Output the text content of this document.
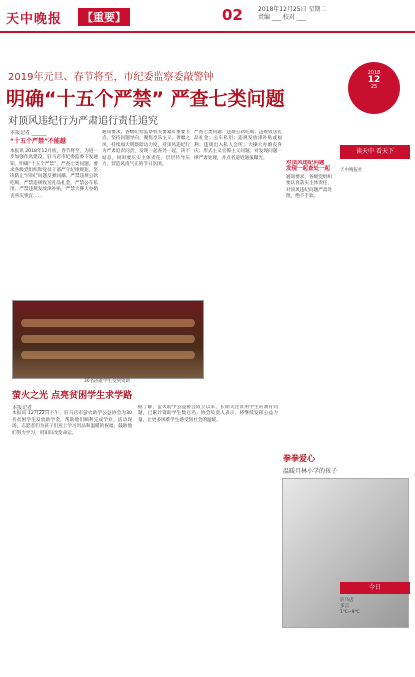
天中晚报	【重要】	02	2018年12月25日 星期二
责编 ___ 校对 ___
2019年元旦、春节将至，市纪委监察委敲警钟
明确“十五个严禁” 严查七类问题
对顶风违纪行为严肃追行责任追究
本报记者 ______
“十五个严禁”不能越
本报讯 2018年12月底，春节将至，为进一步加强作风建设，驻马店市纪委监委下发通知，明确“十五个严禁”，严查七类问题。要求各级党组织和党员干部严守纪律规矩，坚决防止“四风”问题反弹回潮。严禁违规公款吃喝，严禁违规收送礼品礼金，严禁公车私用，严禁违规发放津补贴，严禁大操大办婚丧喜庆事宜……
通知要求，各级纪检监察机关要紧盯重要节点，坚持问题导向，聚焦享乐主义、奢靡之风，持续加大明察暗访力度，对顶风违纪行为严肃追责问责，发现一起查处一起，决不姑息。同时要压实主体责任，层层传导压力，营造风清气正的节日氛围。
严查七类问题：违规公款吃喝；违规收送礼品礼金；公车私用；违规发放津补贴或福利；违规出入私人会所；大操大办婚丧喜庆；形式主义官僚主义问题。对发现问题一律严肃处理，并点名道姓通报曝光。
对顶风违纪问题
发现一起查处一起
通知要求，各级党组织要认真落实主体责任，对顶风违纪问题严肃处理，绝不手软。
30名困难学生受到资助
萤火之光 点亮贫困学生求学路
本报记者 ______
本报讯 12月22日下午，驻马店市萤火助学公益协会为30名贫困学生发放助学金，帮助他们顺利完成学业。活动现场，志愿者们为孩子们送上学习用品和温暖的祝福，鼓励他们努力学习，用知识改变命运。
据了解，萤火助学公益协会成立以来，长期关注贫困学生的教育问题，已累计资助学生数百名。协会负责人表示，将继续发挥公益力量，让更多困难学生感受到社会的温暖。
拳拳爱心
温暖月林小学的孩子
2018
12
25
读天中 看天下
天中晚报社
今日
驻马店
多云
1℃~9℃
